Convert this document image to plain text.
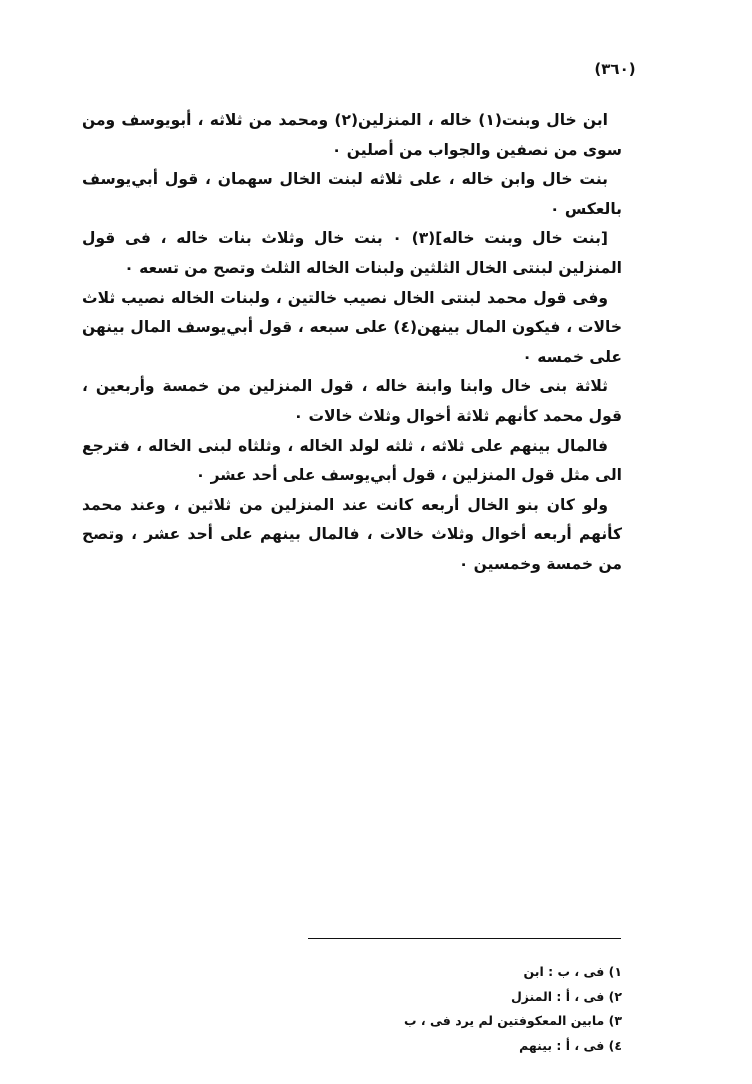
(٣٦٠)

ابن خال وبنت(١) خاله ، المنزلين(٢) ومحمد من ثلاثه ، أبويوسف ومن سوى من نصفين والجواب من أصلين ٠

بنت خال وابن خاله ، على ثلاثه لبنت الخال سهمان ، قول أبي‌يوسف بالعكس ٠

[بنت خال وبنت خاله](٣) ٠ بنت خال وثلاث بنات خاله ، فى قول المنزلين لبنتى الخال الثلثين ولبنات الخاله الثلث وتصح من تسعه ٠

وفى قول محمد لبنتى الخال نصيب خالتين ، ولبنات الخاله نصيب ثلاث خالات ، فيكون المال بينهن(٤) على سبعه ، قول أبي‌يوسف المال بينهن على خمسه ٠

ثلاثة بنى خال وابنا وابنة خاله ، قول المنزلين من خمسة وأربعين ، قول محمد كأنهم ثلاثة أخوال وثلاث خالات ٠

فالمال بينهم على ثلاثه ، ثلثه لولد الخاله ، وثلثاه لبنى الخاله ، فترجع الى مثل قول المنزلين ، قول أبي‌يوسف على أحد عشر ٠

ولو كان بنو الخال أربعه كانت عند المنزلين من ثلاثين ، وعند محمد كأنهم أربعه أخوال وثلاث خالات ، فالمال بينهم على أحد عشر ، وتصح من خمسة وخمسين ٠

١) فى ، ب : ابن

٢) فى ، أ : المنزل

٣) مابين المعكوفتين لم يرد فى ، ب

٤) فى ، أ : بينهم
